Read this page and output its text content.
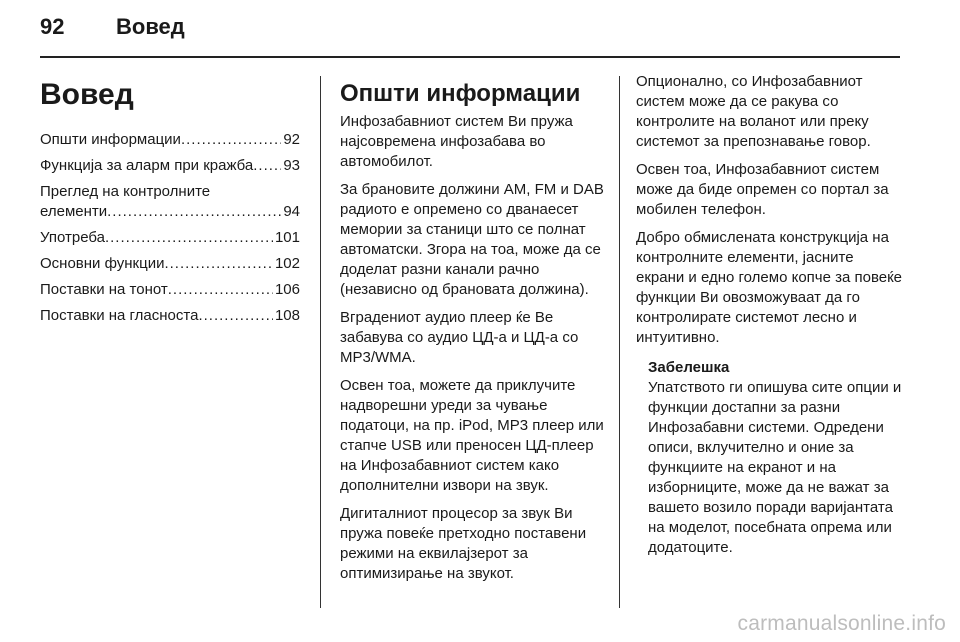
92 Вовед
Вовед
Општи информации .....	92
Функција за аларм при кражба ..... 93
Преглед на контролните
елементи .....	94
Употреба .....	101
Основни функции .....	102
Поставки на тонот .....	106
Поставки на гласноста .....	108
Општи информации

Инфозабавниот систем Ви пружа најсовремена инфозабава во автомобилот.

За брановите должини AM, FM и DAB радиото е опремено со дванаесет мемории за станици што се полнат автоматски. Згора на тоа, може да се доделат разни канали рачно (независно од брановата должина).

Вградениот аудио плеер ќе Ве забавува со аудио ЦД-а и ЦД-а со MP3/WMA.

Освен тоа, можете да приклучите надворешни уреди за чување податоци, на пр. iPod, MP3 плеер или стапче USB или преносен ЦД-плеер на Инфозабавниот систем како дополнителни извори на звук.

Дигиталниот процесор за звук Ви пружа повеќе претходно поставени режими на еквилајзерот за оптимизирање на звукот.

Опционално, со Инфозабавниот систем може да се ракува со контролите на воланот или преку системот за препознавање говор.

Освен тоа, Инфозабавниот систем може да биде опремен со портал за мобилен телефон.

Добро обмислената конструкција на контролните елементи, јасните екрани и едно големо копче за повеќе функции Ви овозможуваат да го контролирате системот лесно и интуитивно.

Забелешка

Упатството ги опишува сите опции и функции достапни за разни Инфозабавни системи. Одредени описи, вклучително и оние за функциите на екранот и на изборниците, може да не важат за вашето возило поради варијантата на моделот, посебната опрема или додатоците.

carmanualsonline.info
